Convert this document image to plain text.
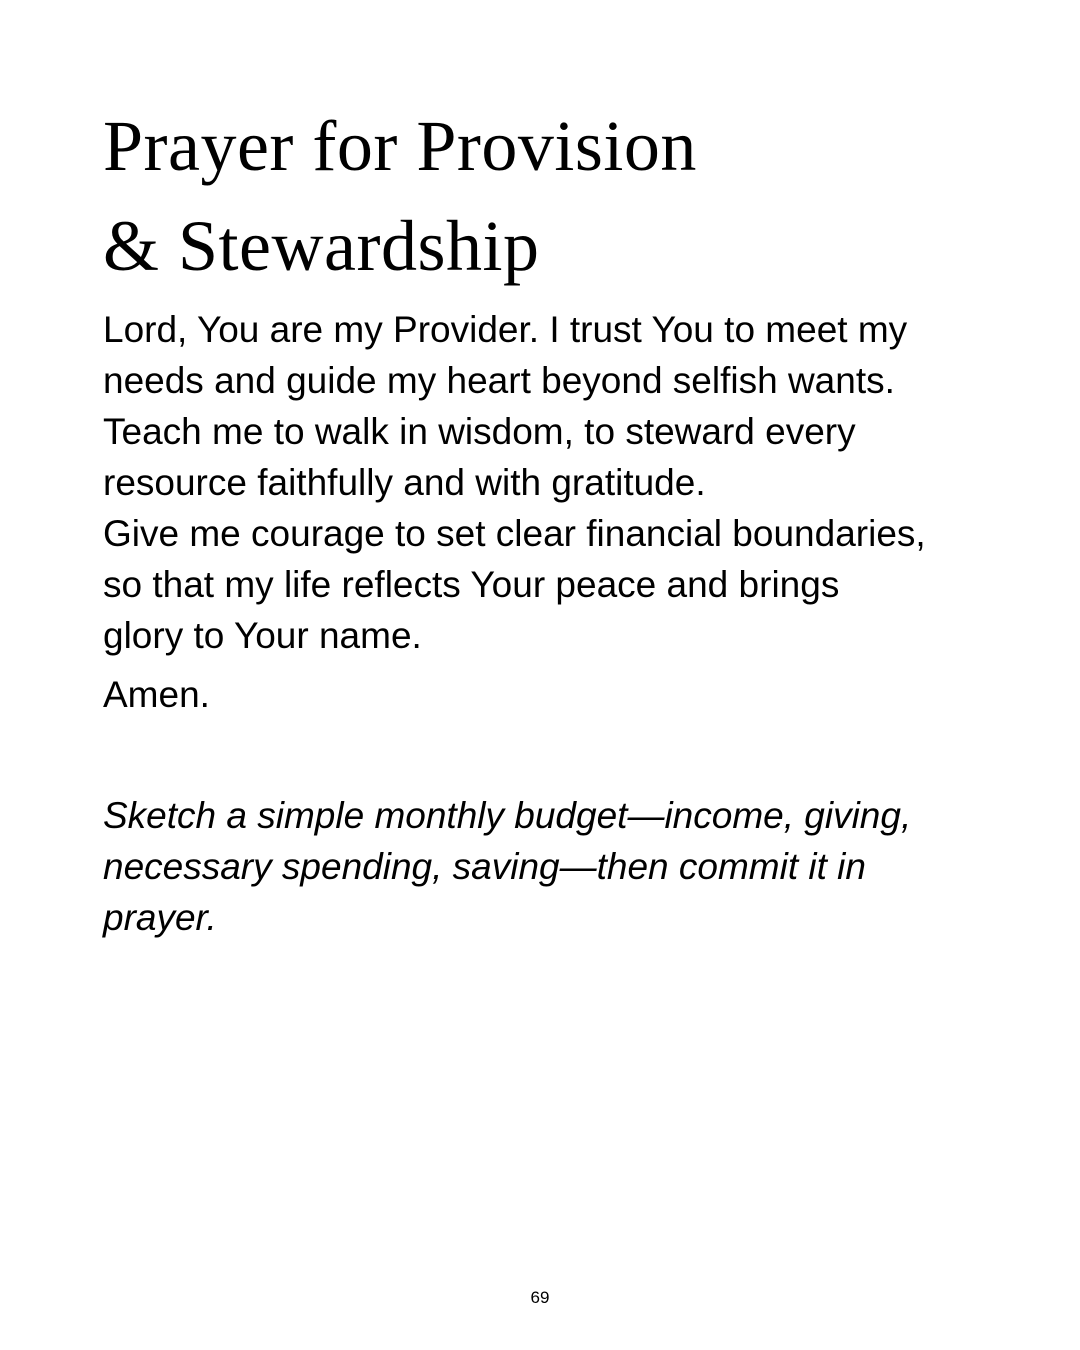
Prayer for Provision
& Stewardship
Lord, You are my Provider. I trust You to meet my
needs and guide my heart beyond selfish wants.
Teach me to walk in wisdom, to steward every
resource faithfully and with gratitude.
Give me courage to set clear financial boundaries,
so that my life reflects Your peace and brings
glory to Your name.
Amen.
Sketch a simple monthly budget—income, giving,
necessary spending, saving—then commit it in
prayer.
69
